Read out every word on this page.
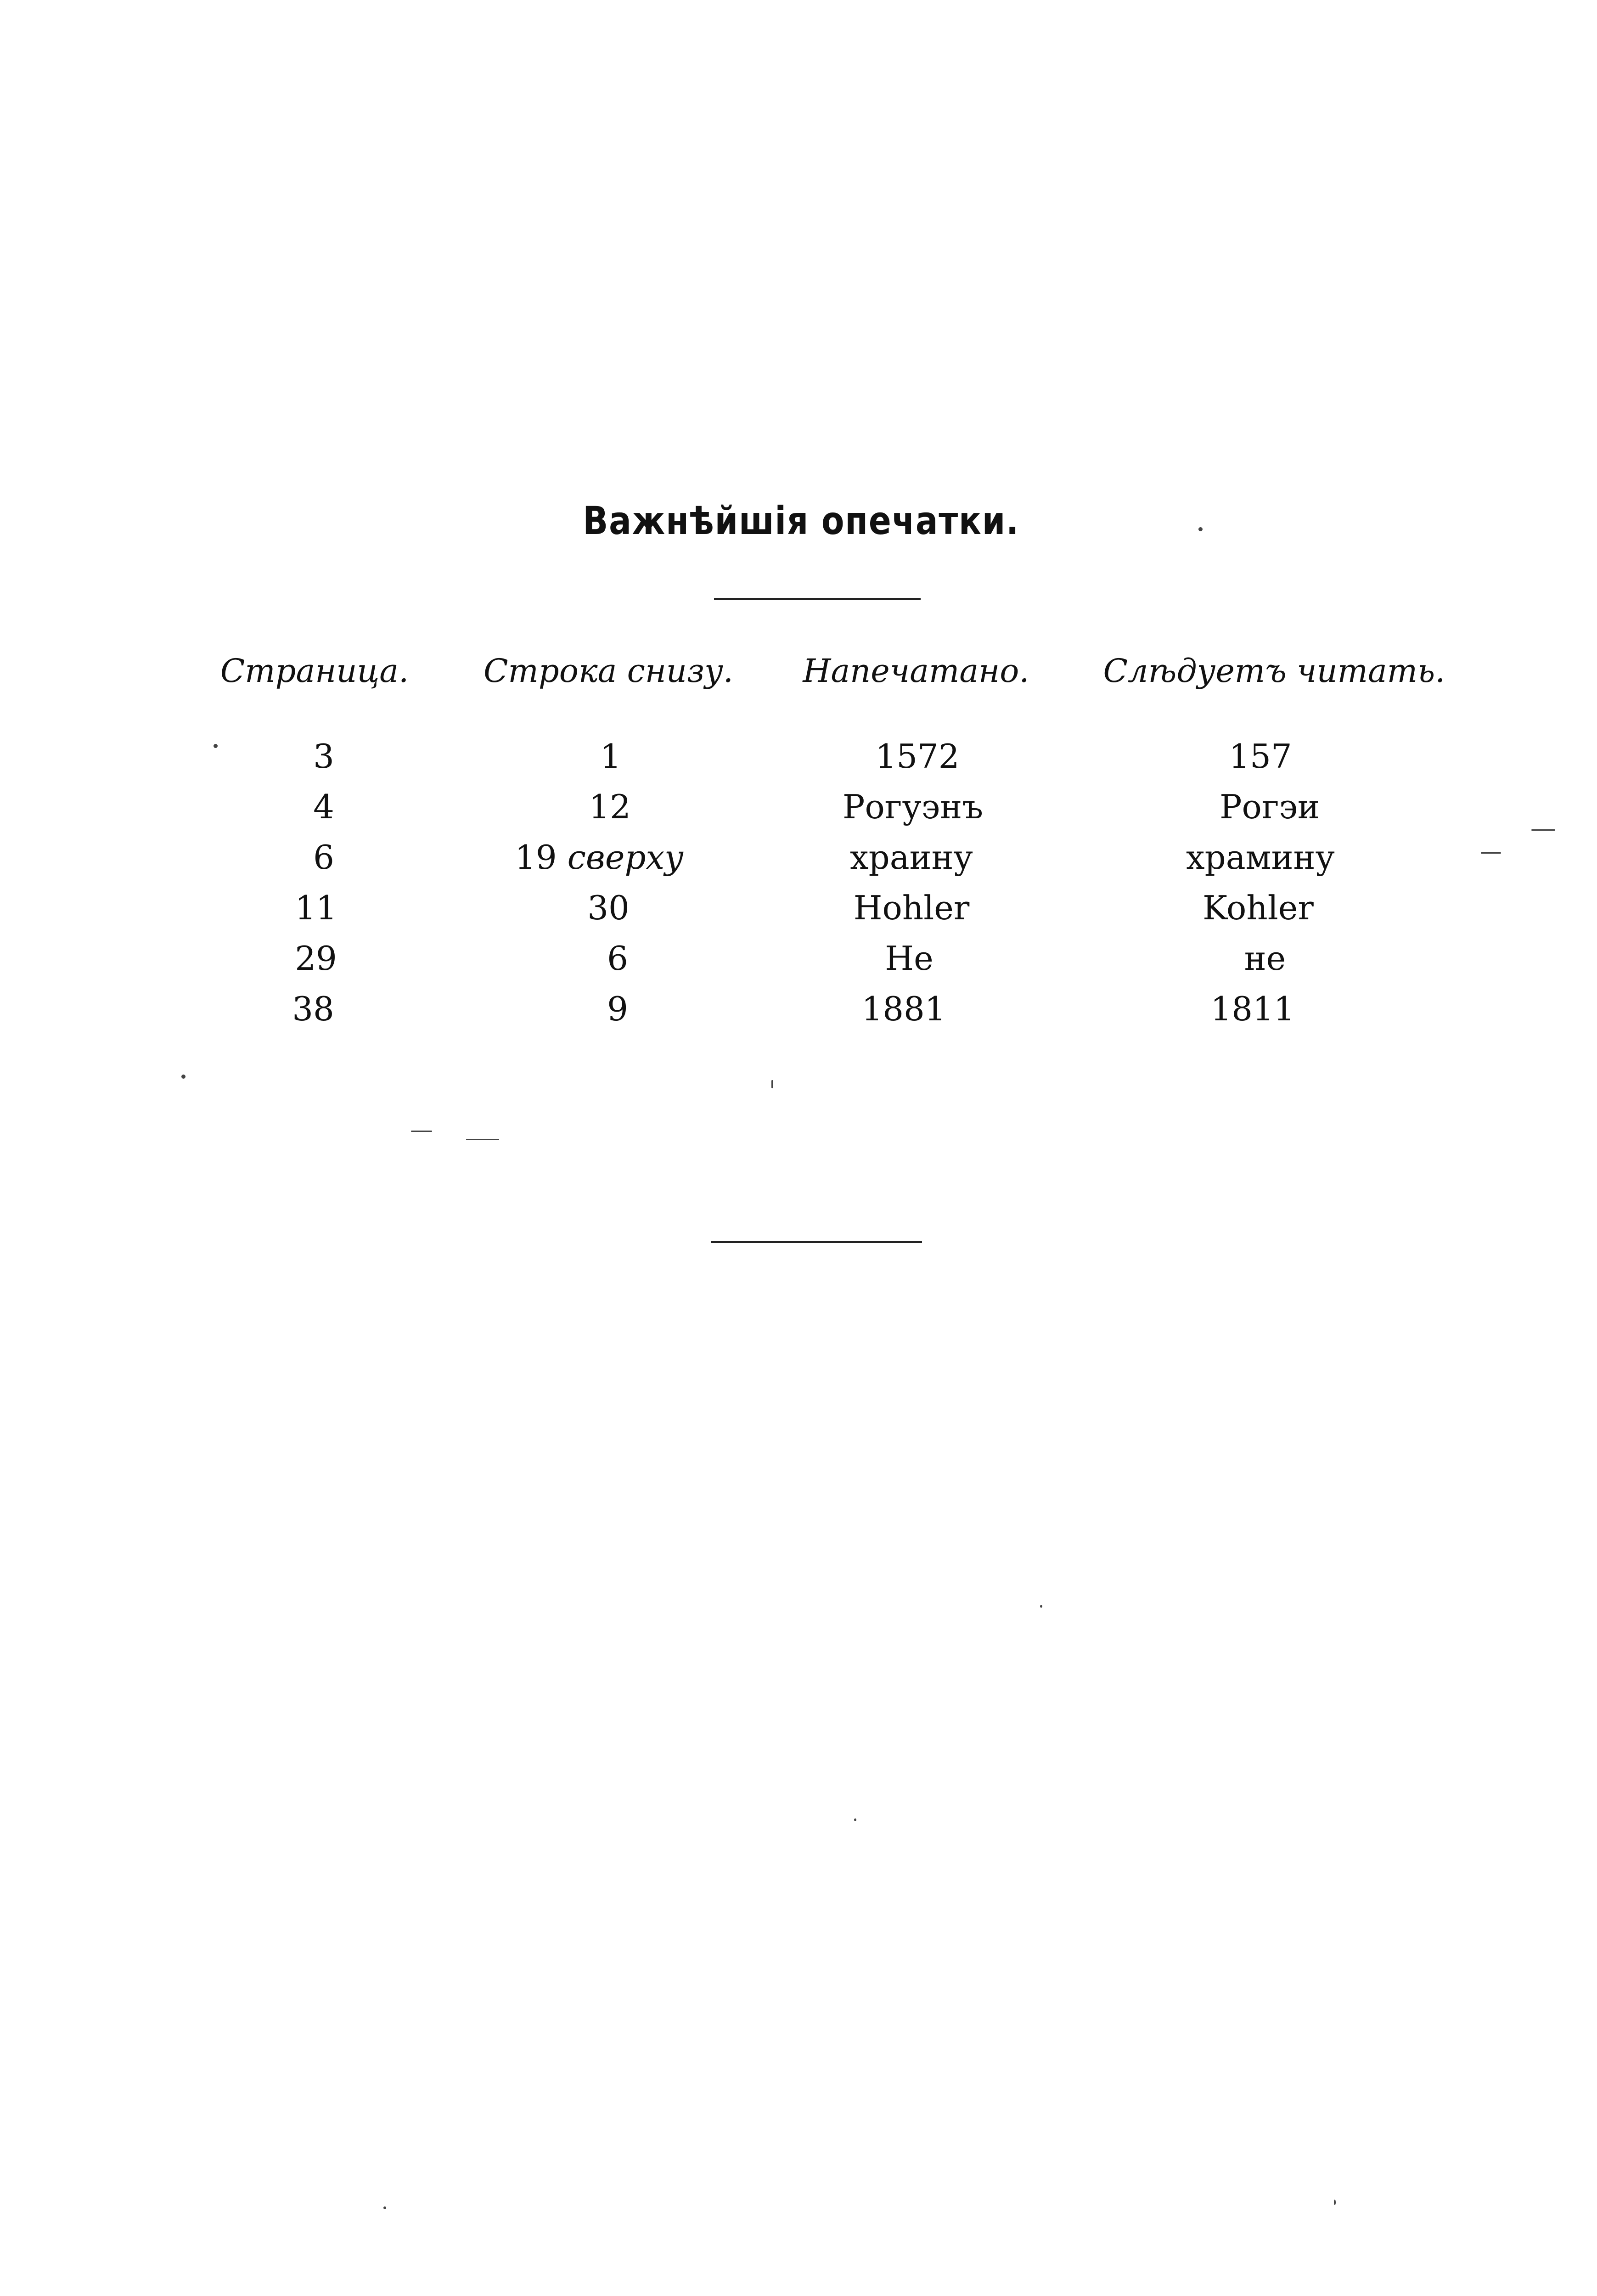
Важнѣйшія опечатки.
Страница. Строка снизу. Напечатано. Слѣдуетъ читать.
3	1	1572	157
4	12	Рогуэнъ	Рогэи
6	19 сверху	храину	храмину
11	30	Hohler	Kohler
29	6	Не	не
38	9	1881	1811
